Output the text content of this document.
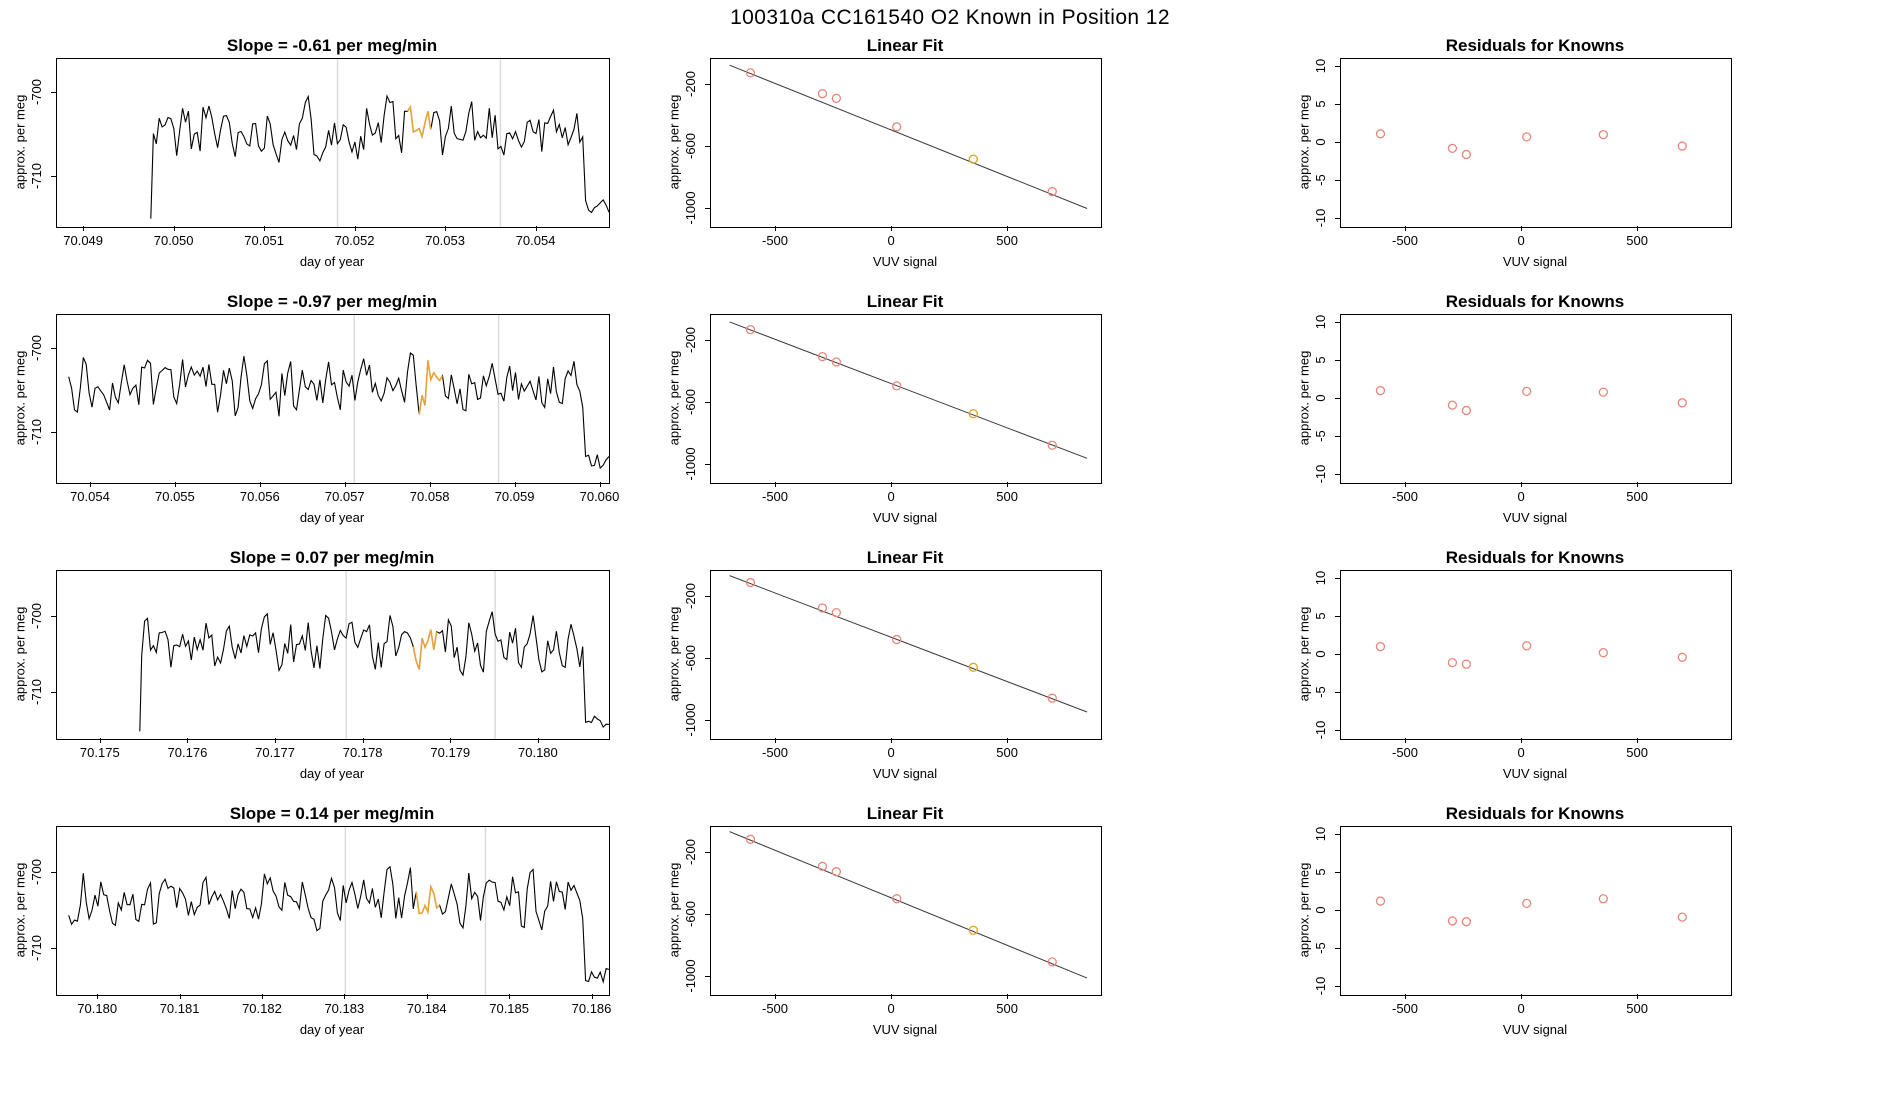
100310a CC161540 O2 Known in Position 12
Slope = -0.61 per meg/min
70.049	70.050	70.051	70.052	70.053	70.054
-710
-700
day of year
approx. per meg
Linear Fit
-500	0	500
-1000
-600
-200
VUV signal
approx. per meg
Residuals for Knowns
-500	0	500
-10
-5
0
5
10
VUV signal
approx. per meg
Slope = -0.97 per meg/min
70.054	70.055	70.056	70.057	70.058	70.059	70.060
-710
-700
day of year
approx. per meg
Linear Fit
-500	0	500
-1000
-600
-200
VUV signal
approx. per meg
Residuals for Knowns
-500	0	500
-10
-5
0
5
10
VUV signal
approx. per meg
Slope = 0.07 per meg/min
70.175	70.176	70.177	70.178	70.179	70.180
-710
-700
day of year
approx. per meg
Linear Fit
-500	0	500
-1000
-600
-200
VUV signal
approx. per meg
Residuals for Knowns
-500	0	500
-10
-5
0
5
10
VUV signal
approx. per meg
Slope = 0.14 per meg/min
70.180	70.181	70.182	70.183	70.184	70.185	70.186
-710
-700
day of year
approx. per meg
Linear Fit
-500	0	500
-1000
-600
-200
VUV signal
approx. per meg
Residuals for Knowns
-500	0	500
-10
-5
0
5
10
VUV signal
approx. per meg
